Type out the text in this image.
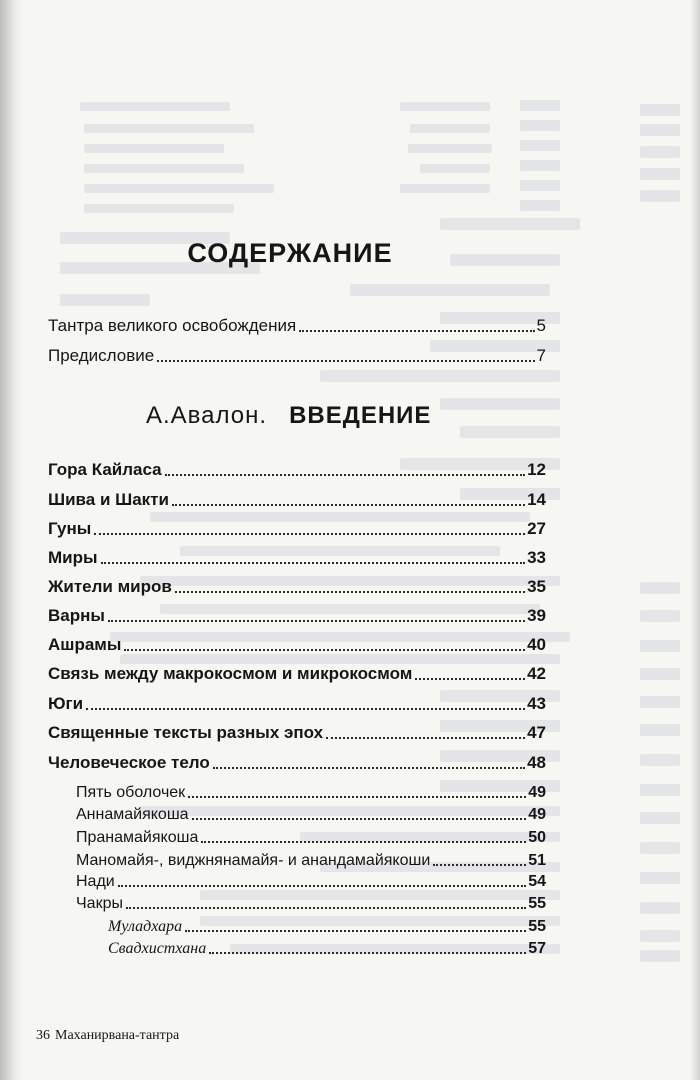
СОДЕРЖАНИЕ
А.Авалон. ВВЕДЕНИЕ
Тантра великого освобождения	5
Предисловие	7
Гора Кайласа	12
Шива и Шакти	14
Гуны	27
Миры	33
Жители миров	35
Варны	39
Ашрамы	40
Связь между макрокосмом и микрокосмом	42
Юги	43
Священные тексты разных эпох	47
Человеческое тело	48
Пять оболочек	49
Аннамайякоша	49
Пранамайякоша	50
Маномайя-, виджнянамайя- и анандамайякоши	51
Нади	54
Чакры	55
Муладхара	55
Свадхистхана	57
36 Маханирвана-тантра
